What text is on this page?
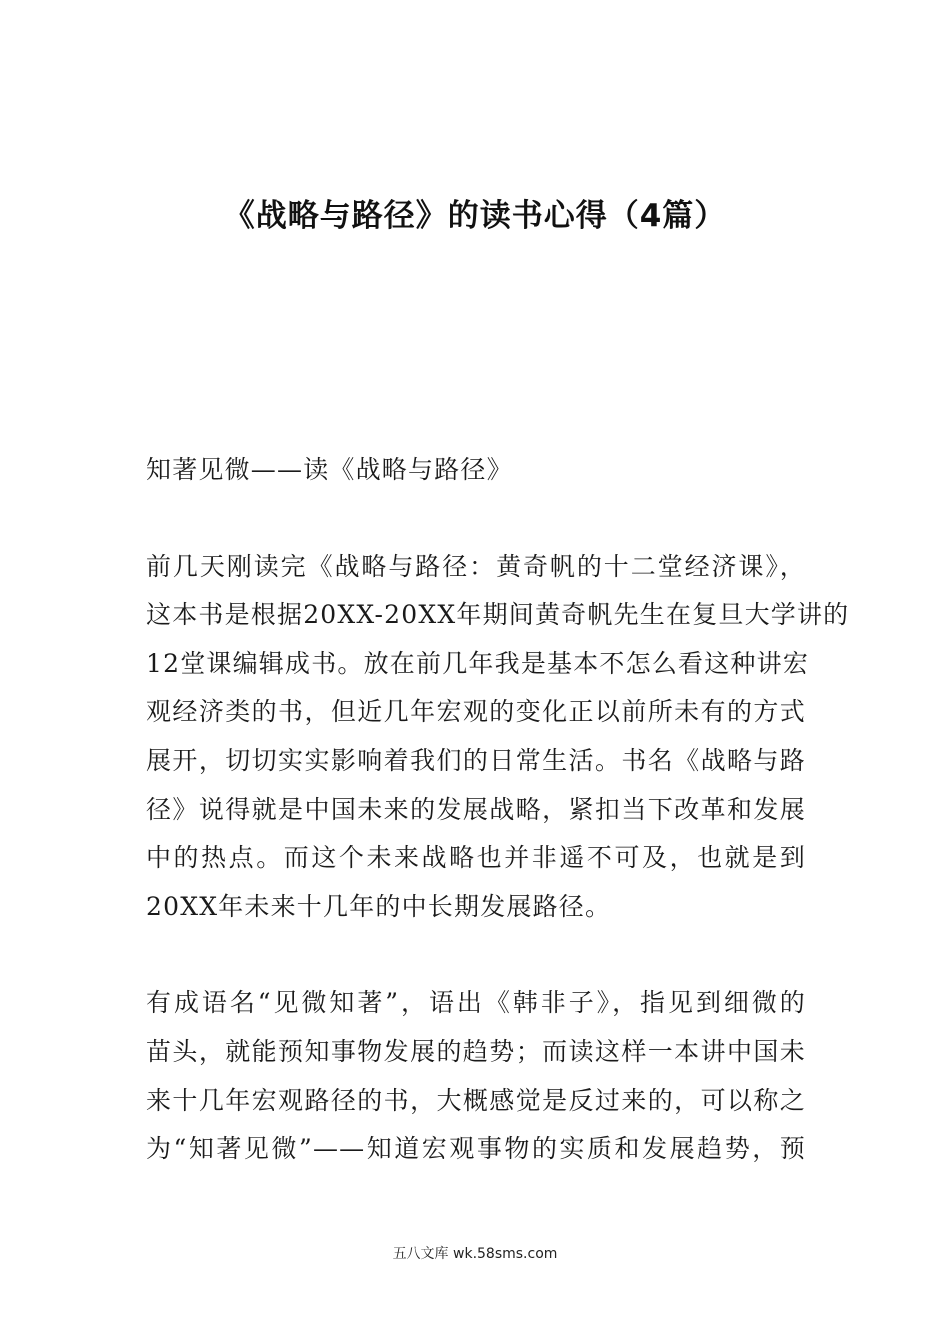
《战略与路径》的读书心得（4篇）
知著见微——读《战略与路径》
前几天刚读完《战略与路径：黄奇帆的十二堂经济课》，
这本书是根据20XX-20XX年期间黄奇帆先生在复旦大学讲的
12堂课编辑成书。放在前几年我是基本不怎么看这种讲宏
观经济类的书，但近几年宏观的变化正以前所未有的方式
展开，切切实实影响着我们的日常生活。书名《战略与路
径》说得就是中国未来的发展战略，紧扣当下改革和发展
中的热点。而这个未来战略也并非遥不可及，也就是到
20XX年未来十几年的中长期发展路径。
有成语名“见微知著”，语出《韩非子》，指见到细微的
苗头，就能预知事物发展的趋势；而读这样一本讲中国未
来十几年宏观路径的书，大概感觉是反过来的，可以称之
为“知著见微”——知道宏观事物的实质和发展趋势，预
五八文库 wk.58sms.com
